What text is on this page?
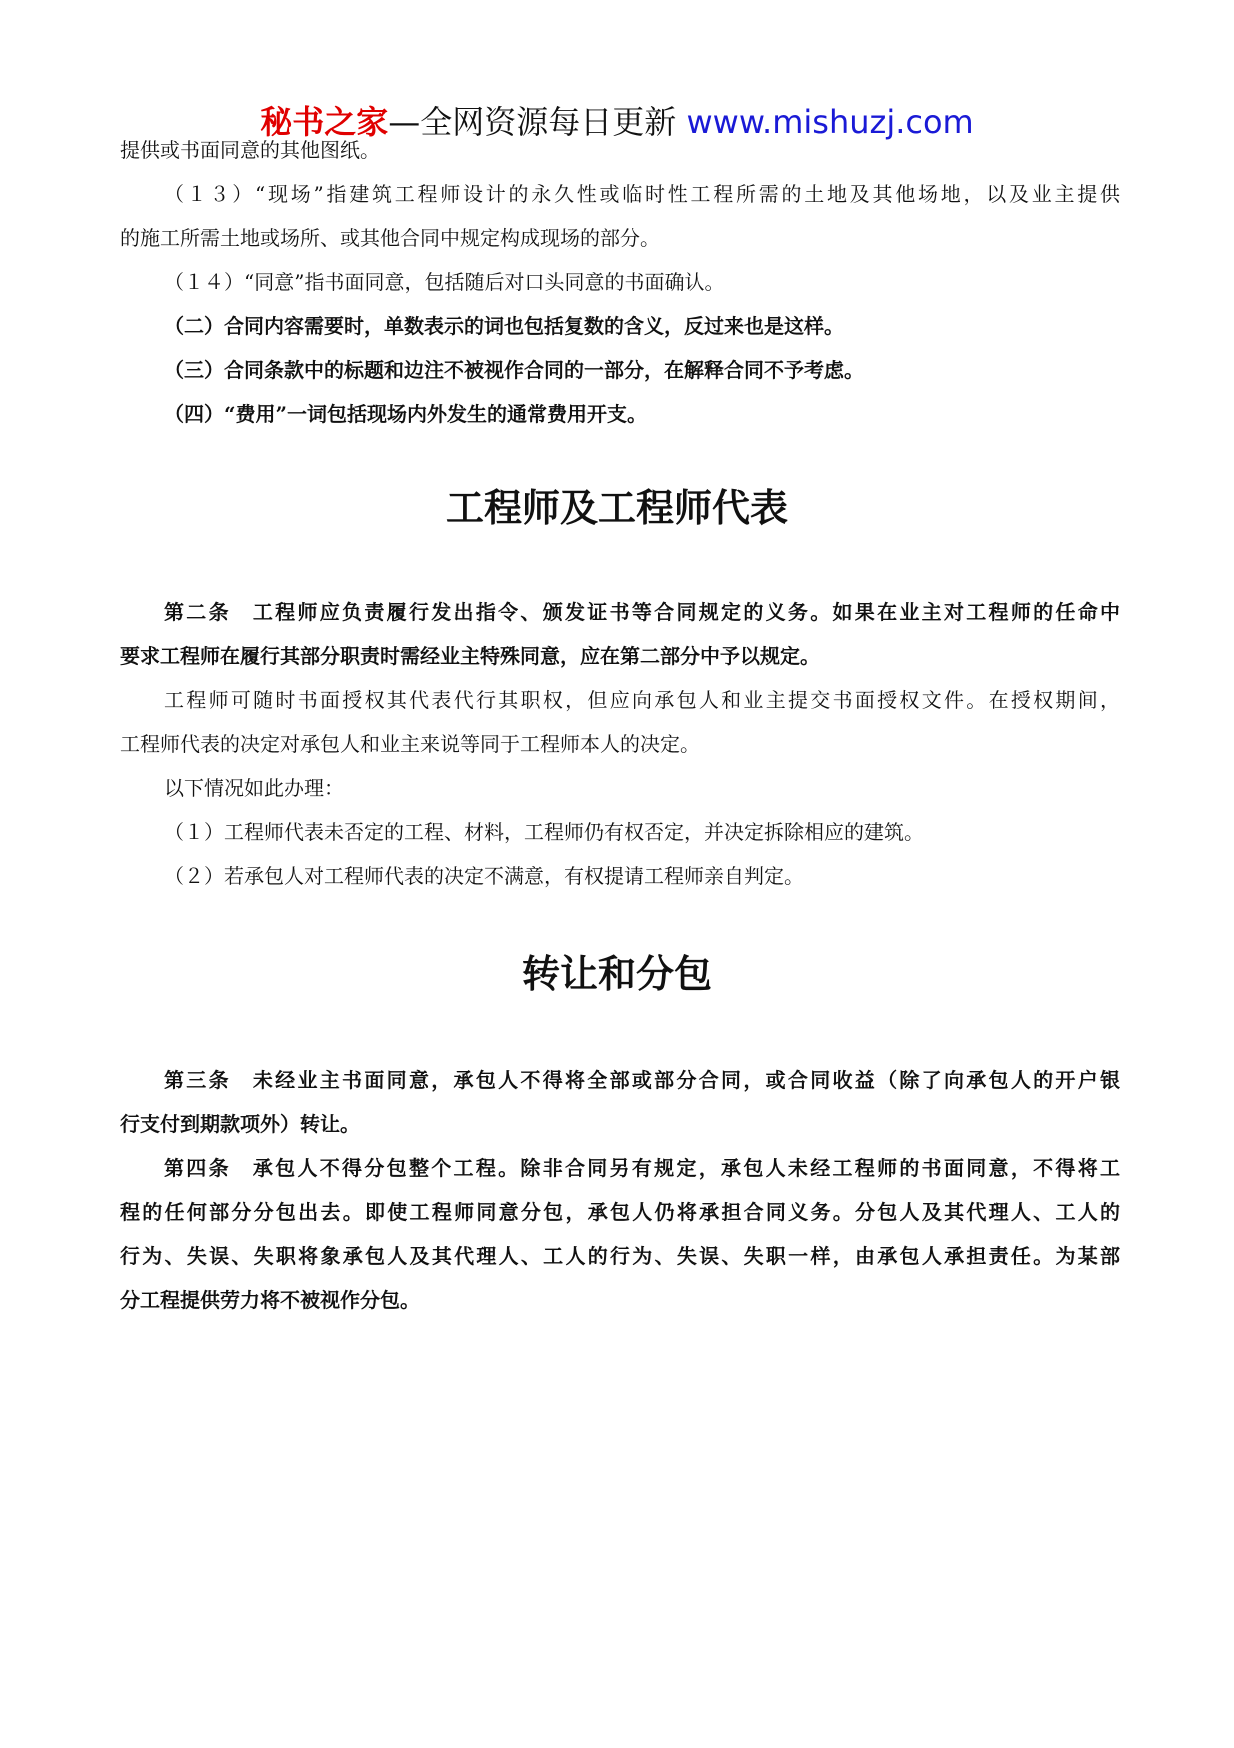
秘书之家—全网资源每日更新 www.mishuzj.com
提供或书面同意的其他图纸。
（１３）“现场”指建筑工程师设计的永久性或临时性工程所需的土地及其他场地，以及业主提供
的施工所需土地或场所、或其他合同中规定构成现场的部分。
（１４）“同意”指书面同意，包括随后对口头同意的书面确认。
（二）合同内容需要时，单数表示的词也包括复数的含义，反过来也是这样。
（三）合同条款中的标题和边注不被视作合同的一部分，在解释合同不予考虑。
（四）“费用”一词包括现场内外发生的通常费用开支。
工程师及工程师代表
第二条 工程师应负责履行发出指令、颁发证书等合同规定的义务。如果在业主对工程师的任命中
要求工程师在履行其部分职责时需经业主特殊同意，应在第二部分中予以规定。
工程师可随时书面授权其代表代行其职权，但应向承包人和业主提交书面授权文件。在授权期间，
工程师代表的决定对承包人和业主来说等同于工程师本人的决定。
以下情况如此办理：
（１）工程师代表未否定的工程、材料，工程师仍有权否定，并决定拆除相应的建筑。
（２）若承包人对工程师代表的决定不满意，有权提请工程师亲自判定。
转让和分包
第三条 未经业主书面同意，承包人不得将全部或部分合同，或合同收益（除了向承包人的开户银
行支付到期款项外）转让。
第四条 承包人不得分包整个工程。除非合同另有规定，承包人未经工程师的书面同意，不得将工
程的任何部分分包出去。即使工程师同意分包，承包人仍将承担合同义务。分包人及其代理人、工人的
行为、失误、失职将象承包人及其代理人、工人的行为、失误、失职一样，由承包人承担责任。为某部
分工程提供劳力将不被视作分包。
